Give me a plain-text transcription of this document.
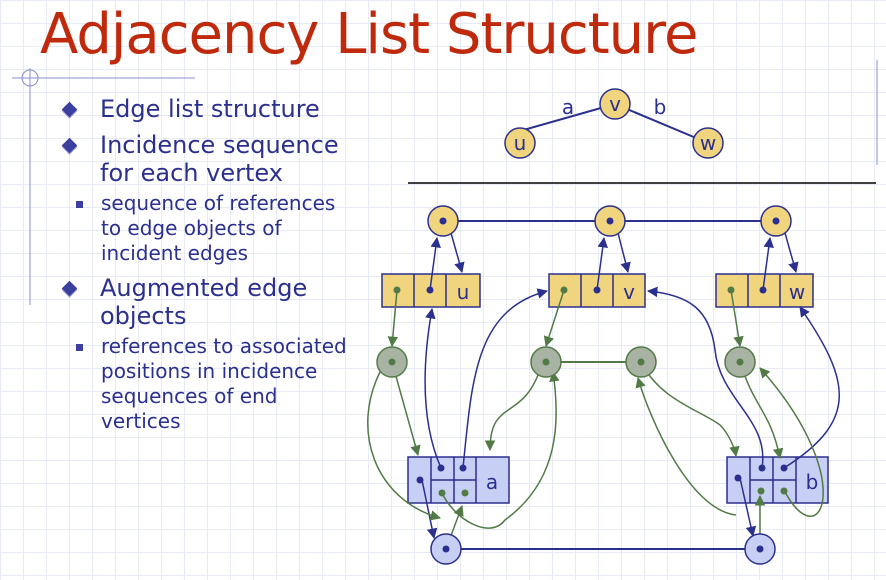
Adjacency List Structure
Edge list structure
Incidence sequence for each vertex
sequence of references to edge objects of incident edges
Augmented edge objects
references to associated positions in incidence sequences of end vertices
v
u	w
a	b
u	v	w
a	b
